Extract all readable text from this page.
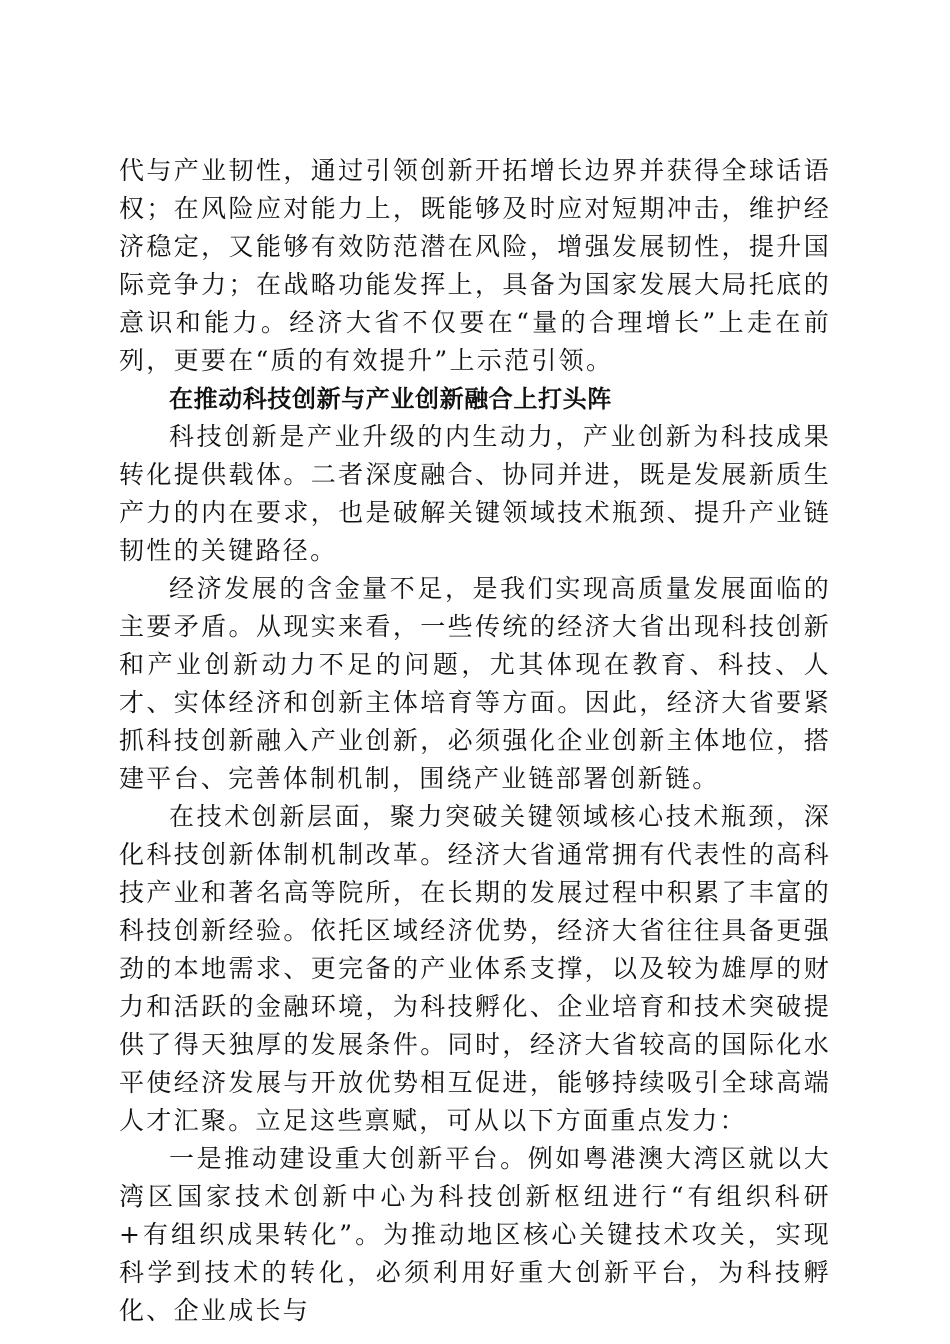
代与产业韧性，通过引领创新开拓增长边界并获得全球话语权；在风险应对能力上，既能够及时应对短期冲击，维护经济稳定，又能够有效防范潜在风险，增强发展韧性，提升国际竞争力；在战略功能发挥上，具备为国家发展大局托底的意识和能力。经济大省不仅要在“量的合理增长”上走在前列，更要在“质的有效提升”上示范引领。

在推动科技创新与产业创新融合上打头阵

科技创新是产业升级的内生动力，产业创新为科技成果转化提供载体。二者深度融合、协同并进，既是发展新质生产力的内在要求，也是破解关键领域技术瓶颈、提升产业链韧性的关键路径。

经济发展的含金量不足，是我们实现高质量发展面临的主要矛盾。从现实来看，一些传统的经济大省出现科技创新和产业创新动力不足的问题，尤其体现在教育、科技、人才、实体经济和创新主体培育等方面。因此，经济大省要紧抓科技创新融入产业创新，必须强化企业创新主体地位，搭建平台、完善体制机制，围绕产业链部署创新链。

在技术创新层面，聚力突破关键领域核心技术瓶颈，深化科技创新体制机制改革。经济大省通常拥有代表性的高科技产业和著名高等院所，在长期的发展过程中积累了丰富的科技创新经验。依托区域经济优势，经济大省往往具备更强劲的本地需求、更完备的产业体系支撑，以及较为雄厚的财力和活跃的金融环境，为科技孵化、企业培育和技术突破提供了得天独厚的发展条件。同时，经济大省较高的国际化水平使经济发展与开放优势相互促进，能够持续吸引全球高端人才汇聚。立足这些禀赋，可从以下方面重点发力：

一是推动建设重大创新平台。例如粤港澳大湾区就以大湾区国家技术创新中心为科技创新枢纽进行“有组织科研+有组织成果转化”。为推动地区核心关键技术攻关，实现科学到技术的转化，必须利用好重大创新平台，为科技孵化、企业成长与
